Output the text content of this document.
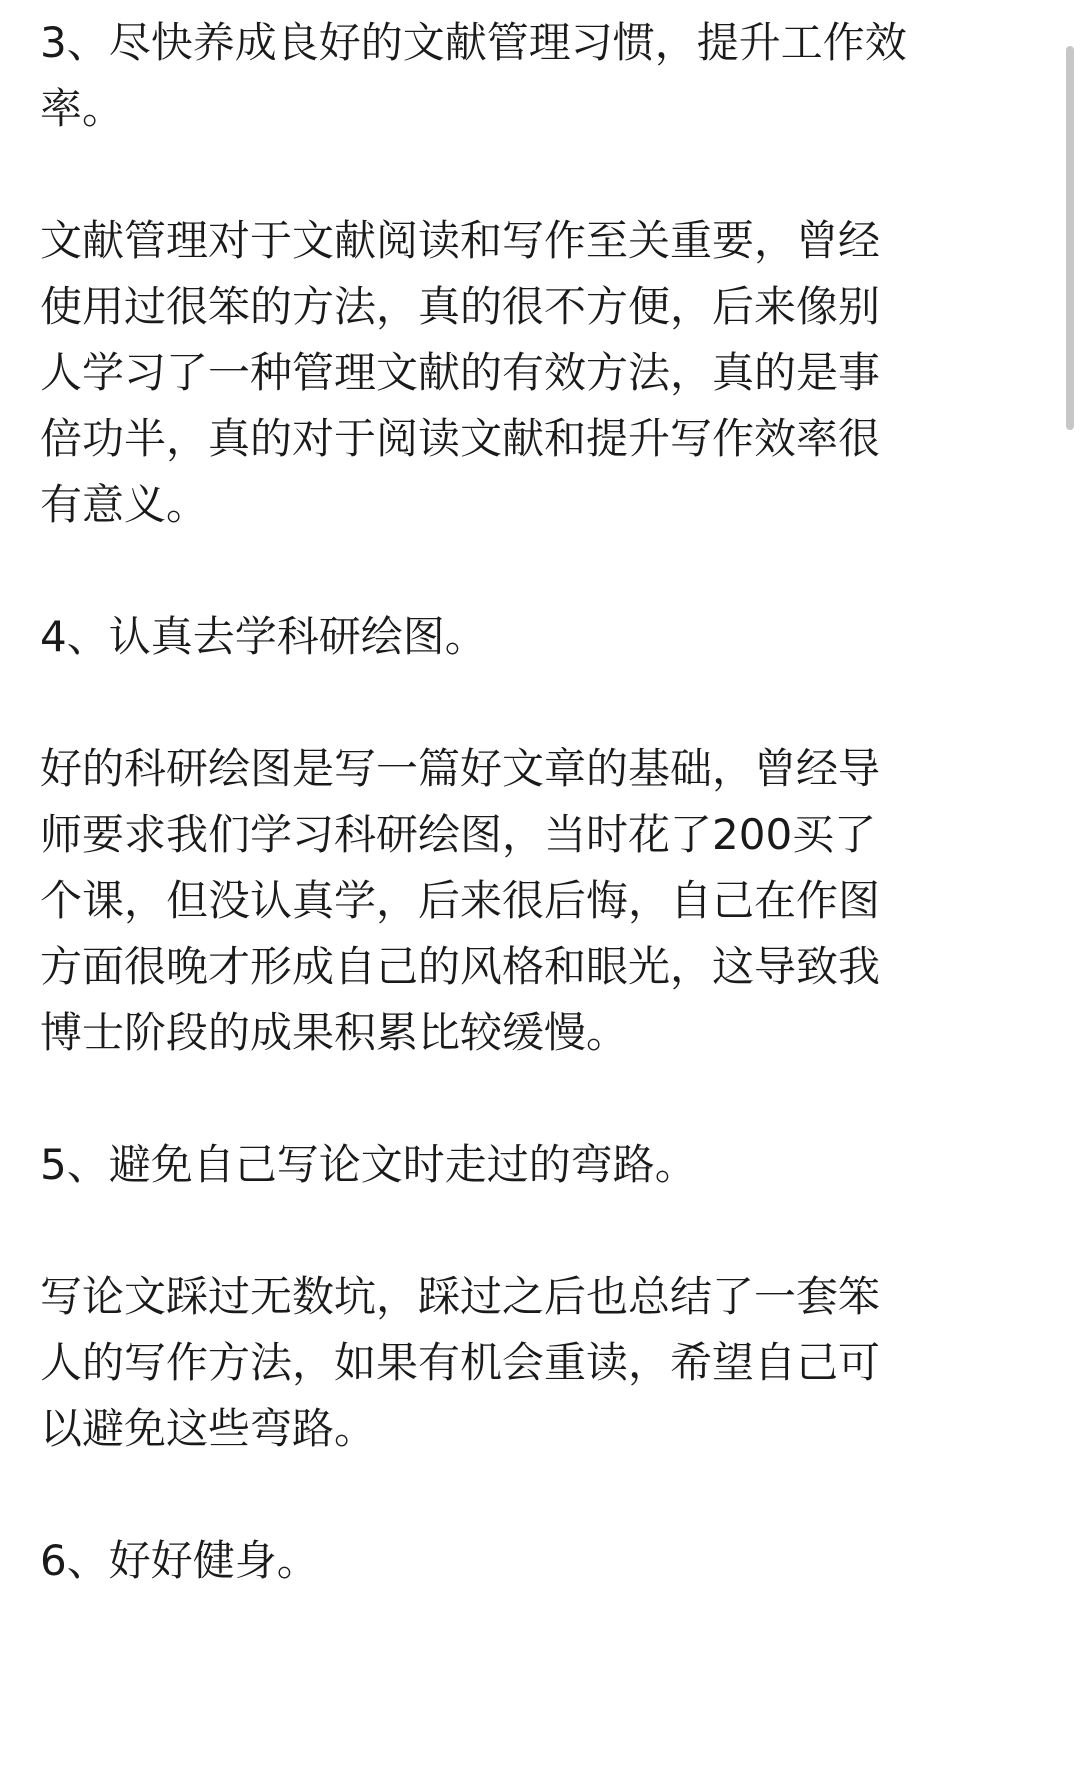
3、尽快养成良好的文献管理习惯，提升工作效
率。

文献管理对于文献阅读和写作至关重要，曾经
使用过很笨的方法，真的很不方便，后来像别
人学习了一种管理文献的有效方法，真的是事
倍功半，真的对于阅读文献和提升写作效率很
有意义。

4、认真去学科研绘图。

好的科研绘图是写一篇好文章的基础，曾经导
师要求我们学习科研绘图，当时花了200买了
个课，但没认真学，后来很后悔，自己在作图
方面很晚才形成自己的风格和眼光，这导致我
博士阶段的成果积累比较缓慢。

5、避免自己写论文时走过的弯路。

写论文踩过无数坑，踩过之后也总结了一套笨
人的写作方法，如果有机会重读，希望自己可
以避免这些弯路。

6、好好健身。
